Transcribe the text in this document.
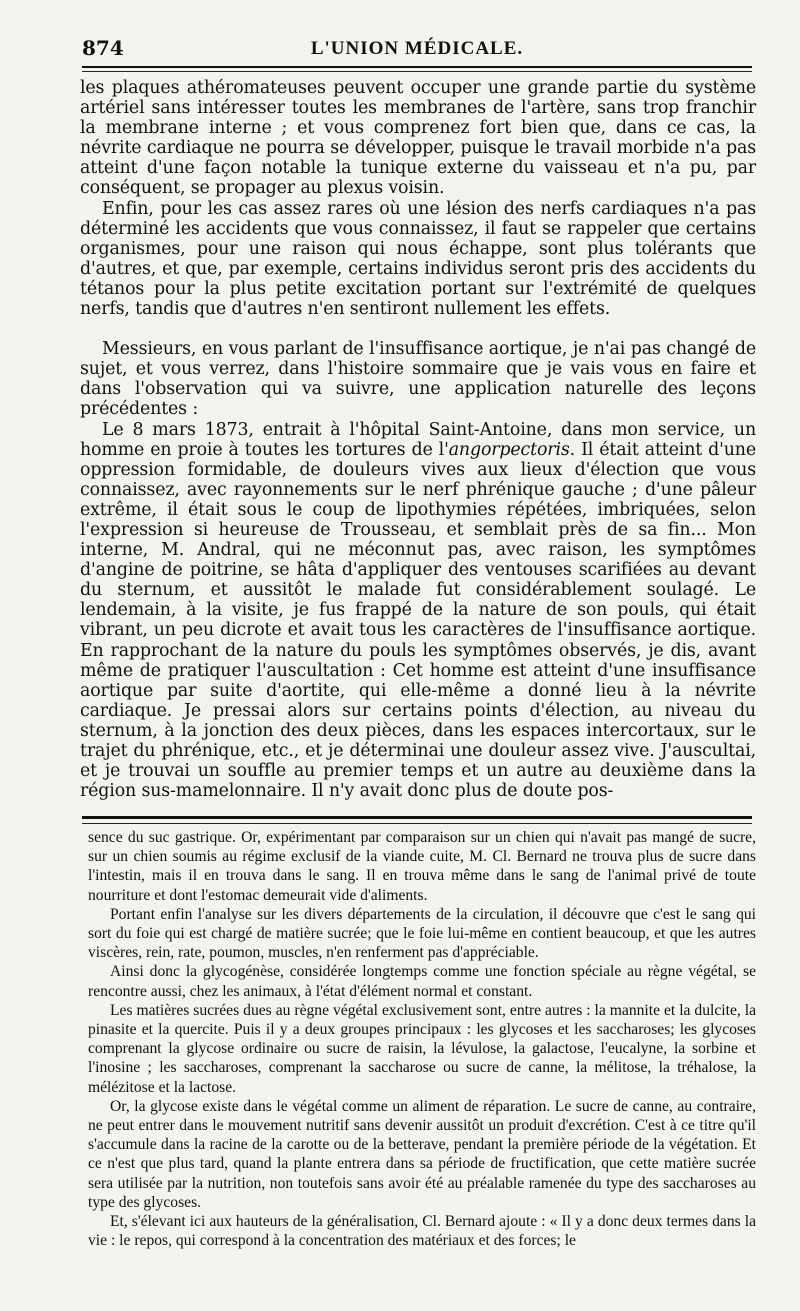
874	L'UNION MÉDICALE.

les plaques athéromateuses peuvent occuper une grande partie du système artériel sans intéresser toutes les membranes de l'artère, sans trop franchir la membrane interne ; et vous comprenez fort bien que, dans ce cas, la névrite cardiaque ne pourra se développer, puisque le travail morbide n'a pas atteint d'une façon notable la tunique externe du vaisseau et n'a pu, par conséquent, se propager au plexus voisin.

Enfin, pour les cas assez rares où une lésion des nerfs cardiaques n'a pas déterminé les accidents que vous connaissez, il faut se rappeler que certains organismes, pour une raison qui nous échappe, sont plus tolérants que d'autres, et que, par exemple, certains individus seront pris des accidents du tétanos pour la plus petite excitation portant sur l'extrémité de quelques nerfs, tandis que d'autres n'en sentiront nullement les effets.

Messieurs, en vous parlant de l'insuffisance aortique, je n'ai pas changé de sujet, et vous verrez, dans l'histoire sommaire que je vais vous en faire et dans l'observation qui va suivre, une application naturelle des leçons précédentes :

Le 8 mars 1873, entrait à l'hôpital Saint-Antoine, dans mon service, un homme en proie à toutes les tortures de l'angorpectoris. Il était atteint d'une oppression formidable, de douleurs vives aux lieux d'élection que vous connaissez, avec rayonnements sur le nerf phrénique gauche ; d'une pâleur extrême, il était sous le coup de lipothymies répétées, imbriquées, selon l'expression si heureuse de Trousseau, et semblait près de sa fin... Mon interne, M. Andral, qui ne méconnut pas, avec raison, les symptômes d'angine de poitrine, se hâta d'appliquer des ventouses scarifiées au devant du sternum, et aussitôt le malade fut considérablement soulagé. Le lendemain, à la visite, je fus frappé de la nature de son pouls, qui était vibrant, un peu dicrote et avait tous les caractères de l'insuffisance aortique. En rapprochant de la nature du pouls les symptômes observés, je dis, avant même de pratiquer l'auscultation : Cet homme est atteint d'une insuffisance aortique par suite d'aortite, qui elle-même a donné lieu à la névrite cardiaque. Je pressai alors sur certains points d'élection, au niveau du sternum, à la jonction des deux pièces, dans les espaces intercortaux, sur le trajet du phrénique, etc., et je déterminai une douleur assez vive. J'auscultai, et je trouvai un souffle au premier temps et un autre au deuxième dans la région sus-mamelonnaire. Il n'y avait donc plus de doute pos-

sence du suc gastrique. Or, expérimentant par comparaison sur un chien qui n'avait pas mangé de sucre, sur un chien soumis au régime exclusif de la viande cuite, M. Cl. Bernard ne trouva plus de sucre dans l'intestin, mais il en trouva dans le sang. Il en trouva même dans le sang de l'animal privé de toute nourriture et dont l'estomac demeurait vide d'aliments.

Portant enfin l'analyse sur les divers départements de la circulation, il découvre que c'est le sang qui sort du foie qui est chargé de matière sucrée; que le foie lui-même en contient beaucoup, et que les autres viscères, rein, rate, poumon, muscles, n'en renferment pas d'appréciable.

Ainsi donc la glycogénèse, considérée longtemps comme une fonction spéciale au règne végétal, se rencontre aussi, chez les animaux, à l'état d'élément normal et constant.

Les matières sucrées dues au règne végétal exclusivement sont, entre autres : la mannite et la dulcite, la pinasite et la quercite. Puis il y a deux groupes principaux : les glycoses et les saccharoses; les glycoses comprenant la glycose ordinaire ou sucre de raisin, la lévulose, la galactose, l'eucalyne, la sorbine et l'inosine ; les saccharoses, comprenant la saccharose ou sucre de canne, la mélitose, la tréhalose, la mélézitose et la lactose.

Or, la glycose existe dans le végétal comme un aliment de réparation. Le sucre de canne, au contraire, ne peut entrer dans le mouvement nutritif sans devenir aussitôt un produit d'excrétion. C'est à ce titre qu'il s'accumule dans la racine de la carotte ou de la betterave, pendant la première période de la végétation. Et ce n'est que plus tard, quand la plante entrera dans sa période de fructification, que cette matière sucrée sera utilisée par la nutrition, non toutefois sans avoir été au préalable ramenée du type des saccharoses au type des glycoses.

Et, s'élevant ici aux hauteurs de la généralisation, Cl. Bernard ajoute : « Il y a donc deux termes dans la vie : le repos, qui correspond à la concentration des matériaux et des forces; le
